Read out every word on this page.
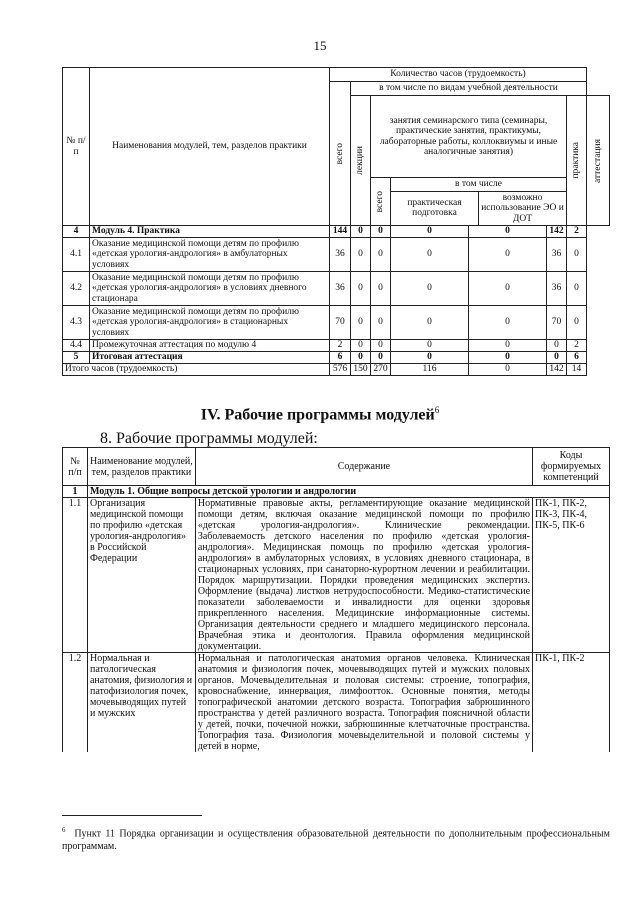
15
№ п/п	Наименования модулей, тем, разделов практики	Количество часов (трудоемкость)

всего
	в том числе по видам учебной деятельности

лекции
	занятия семинарского типа (семинары, практические занятия, практикумы, лабораторные работы, коллоквиумы и иные аналогичные занятия)	практика	аттестация

всего

в том числе
практическая подготовка	возможно использование ЭО и ДОТ

4	Модуль 4. Практика	144	0	0	0	0	142	2
4.1	Оказание медицинской помощи детям по профилю «детская урология-андрология» в амбулаторных условиях	36	0	0	0	0	36	0
4.2	Оказание медицинской помощи детям по профилю «детская урология-андрология» в условиях дневного стационара	36	0	0	0	0	36	0
4.3	Оказание медицинской помощи детям по профилю «детская урология-андрология» в стационарных условиях	70	0	0	0	0	70	0
4.4	Промежуточная аттестация по модулю 4	2	0	0	0	0	0	2
5	Итоговая аттестация	6	0	0	0	0	0	6
Итого часов (трудоемкость)	576	150	270	116	0	142	14
IV. Рабочие программы модулей$^6$
8. Рабочие программы модулей:
№ п/п	Наименование модулей, тем, разделов практики	Содержание	Коды формируемых компетенций
1	Модуль 1. Общие вопросы детской урологии и андрологии		
1.1	Организация медицинской помощи по профилю «детская урология-андрология» в Российской Федерации	Нормативные правовые акты, регламентирующие оказание медицинской помощи детям, включая оказание медицинской помощи по профилю «детская урология-андрология». Клинические рекомендации. Заболеваемость детского населения по профилю «детская урология-андрология». Медицинская помощь по профилю «детская урология-андрология» в амбулаторных условиях, в условиях дневного стационара, в стационарных условиях, при санаторно-курортном лечении и реабилитации. Порядок маршрутизации. Порядки проведения медицинских экспертиз. Оформление (выдача) листков нетрудоспособности. Медико-статистические показатели заболеваемости и инвалидности для оценки здоровья прикрепленного населения. Медицинские информационные системы. Организация деятельности среднего и младшего медицинского персонала. Врачебная этика и деонтология. Правила оформления медицинской документации.	ПК-1, ПК-2, ПК-3, ПК-4, ПК-5, ПК-6
1.2	Нормальная и патологическая анатомия, физиология и патофизиология почек, мочевыводящих путей и мужских	Нормальная и патологическая анатомия органов человека. Клиническая анатомия и физиология почек, мочевыводящих путей и мужских половых органов. Мочевыделительная и половая системы: строение, топография, кровоснабжение, иннервация, лимфоотток. Основные понятия, методы топографической анатомии детского возраста. Топография забрюшинного пространства у детей различного возраста. Топография поясничной области у детей, почки, почечной ножки, забрюшинные клетчаточные пространства. Топография таза. Физиология мочевыделительной и половой системы у детей в норме,	ПК-1, ПК-2
$^6$ Пункт 11 Порядка организации и осуществления образовательной деятельности по дополнительным профессиональным программам.
